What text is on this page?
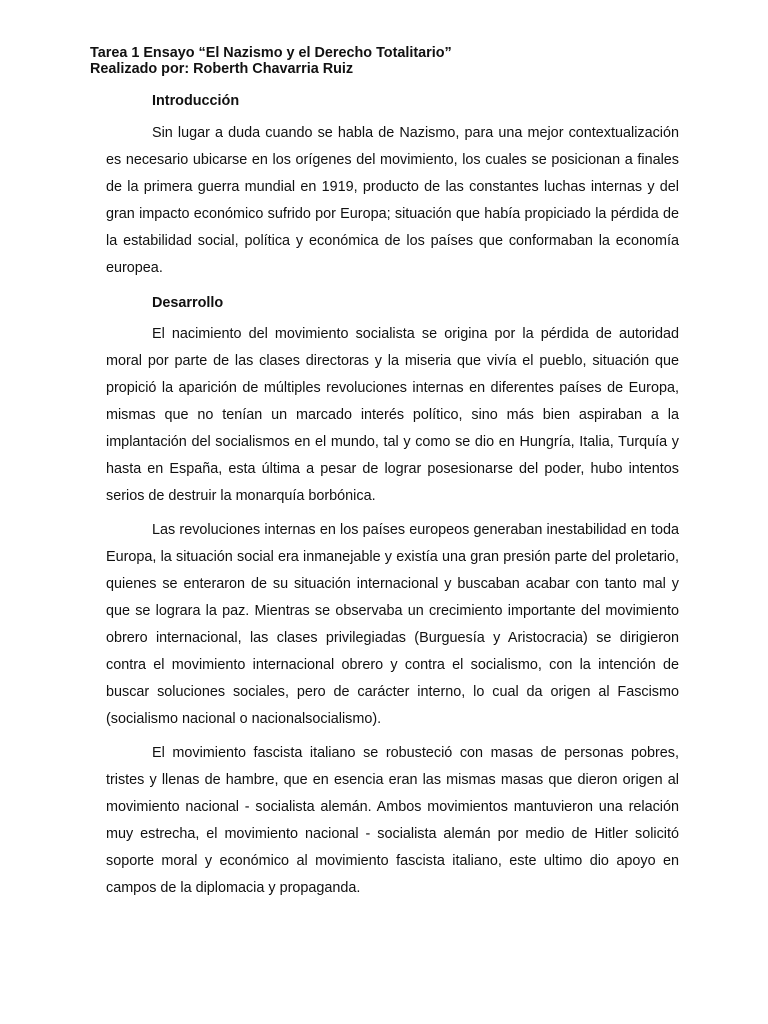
Tarea 1 Ensayo “El Nazismo y el Derecho Totalitario”
Realizado por: Roberth Chavarria Ruiz
Introducción
Sin lugar a duda cuando se habla de Nazismo, para una mejor contextualización es necesario ubicarse en los orígenes del movimiento, los cuales se posicionan a finales de la primera guerra mundial en 1919, producto de las constantes luchas internas y del gran impacto económico sufrido por Europa; situación que había propiciado la pérdida de la estabilidad social, política y económica de los países que conformaban la economía europea.
Desarrollo
El nacimiento del movimiento socialista se origina por la pérdida de autoridad moral por parte de las clases directoras y la miseria que vivía el pueblo, situación que propició la aparición de múltiples revoluciones internas en diferentes países de Europa, mismas que no tenían un marcado interés político, sino más bien aspiraban a la implantación del socialismos en el mundo, tal y como se dio en Hungría, Italia, Turquía y hasta en España, esta última a pesar de lograr posesionarse del poder, hubo intentos serios de destruir la monarquía borbónica.
Las revoluciones internas en los países europeos generaban inestabilidad en toda Europa, la situación social era inmanejable y existía una gran presión parte del proletario, quienes se enteraron de su situación internacional y buscaban acabar con tanto mal y que se lograra la paz. Mientras se observaba un crecimiento importante del movimiento obrero internacional, las clases privilegiadas (Burguesía y Aristocracia) se dirigieron contra el movimiento internacional obrero y contra el socialismo, con la intención de buscar soluciones sociales, pero de carácter interno, lo cual da origen al Fascismo (socialismo nacional o nacionalsocialismo).
El movimiento fascista italiano se robusteció con masas de personas pobres, tristes y llenas de hambre, que en esencia eran las mismas masas que dieron origen al movimiento nacional - socialista alemán. Ambos movimientos mantuvieron una relación muy estrecha, el movimiento nacional - socialista alemán por medio de Hitler solicitó soporte moral y económico al movimiento fascista italiano, este ultimo dio apoyo en campos de la diplomacia y propaganda.
